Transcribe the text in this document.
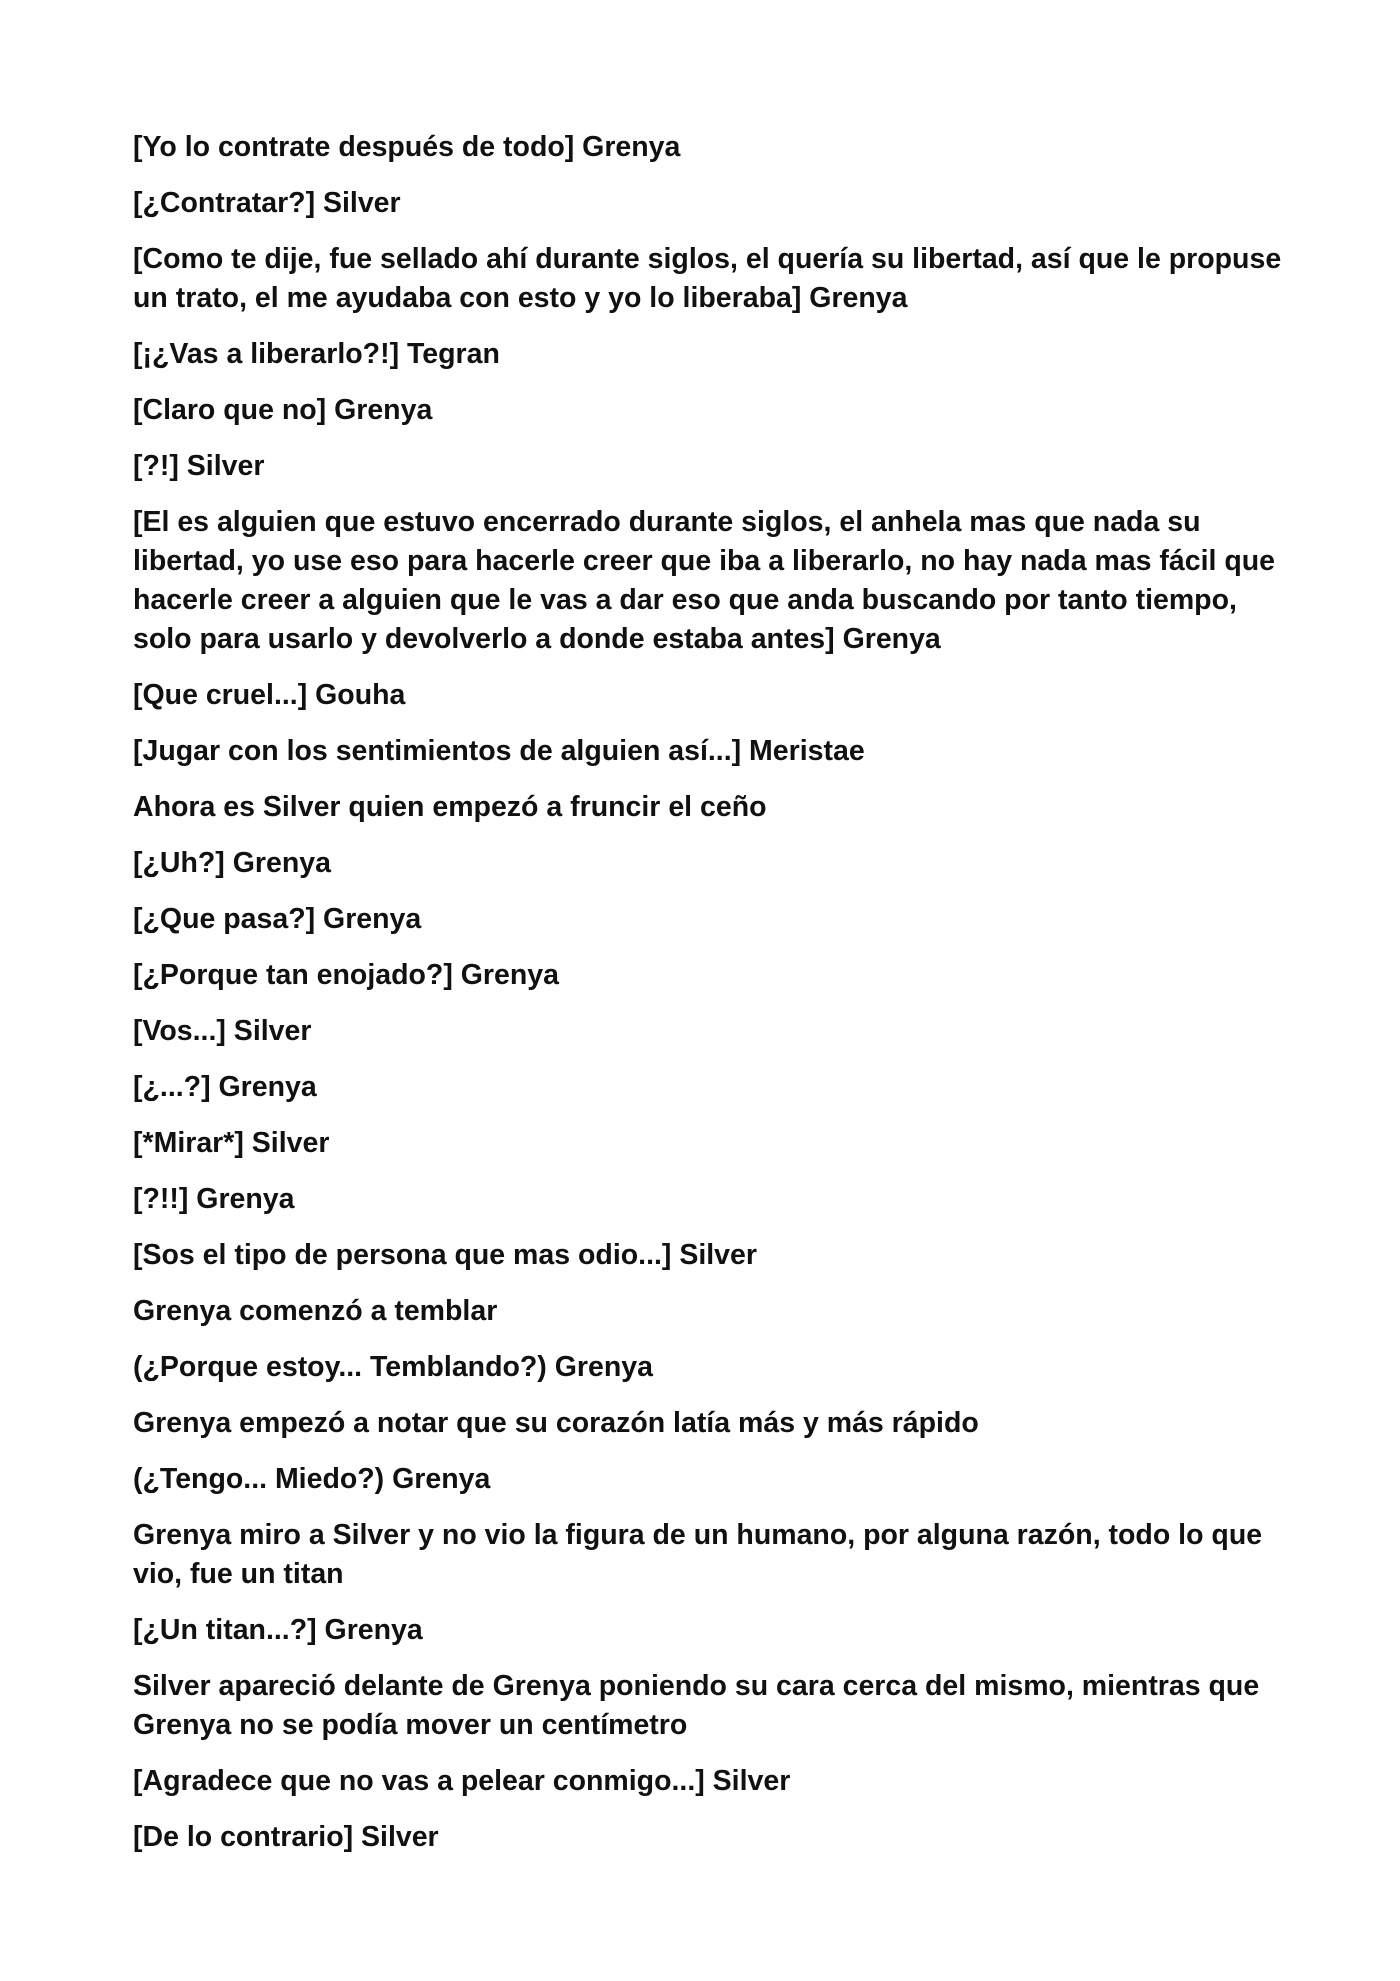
[Yo lo contrate después de todo] Grenya

[¿Contratar?] Silver

[Como te dije, fue sellado ahí durante siglos, el quería su libertad, así que le propuse un trato, el me ayudaba con esto y yo lo liberaba] Grenya

[¡¿Vas a liberarlo?!] Tegran

[Claro que no] Grenya

[?!] Silver

[El es alguien que estuvo encerrado durante siglos, el anhela mas que nada su libertad, yo use eso para hacerle creer que iba a liberarlo, no hay nada mas fácil que hacerle creer a alguien que le vas a dar eso que anda buscando por tanto tiempo, solo para usarlo y devolverlo a donde estaba antes] Grenya

[Que cruel...] Gouha

[Jugar con los sentimientos de alguien así...] Meristae

Ahora es Silver quien empezó a fruncir el ceño

[¿Uh?] Grenya

[¿Que pasa?] Grenya

[¿Porque tan enojado?] Grenya

[Vos...] Silver

[¿...?] Grenya

[*Mirar*] Silver

[?!!] Grenya

[Sos el tipo de persona que mas odio...] Silver

Grenya comenzó a temblar

(¿Porque estoy... Temblando?) Grenya

Grenya empezó a notar que su corazón latía más y más rápido

(¿Tengo... Miedo?) Grenya

Grenya miro a Silver y no vio la figura de un humano, por alguna razón, todo lo que vio, fue un titan

[¿Un titan...?] Grenya

Silver apareció delante de Grenya poniendo su cara cerca del mismo, mientras que Grenya no se podía mover un centímetro

[Agradece que no vas a pelear conmigo...] Silver

[De lo contrario] Silver
